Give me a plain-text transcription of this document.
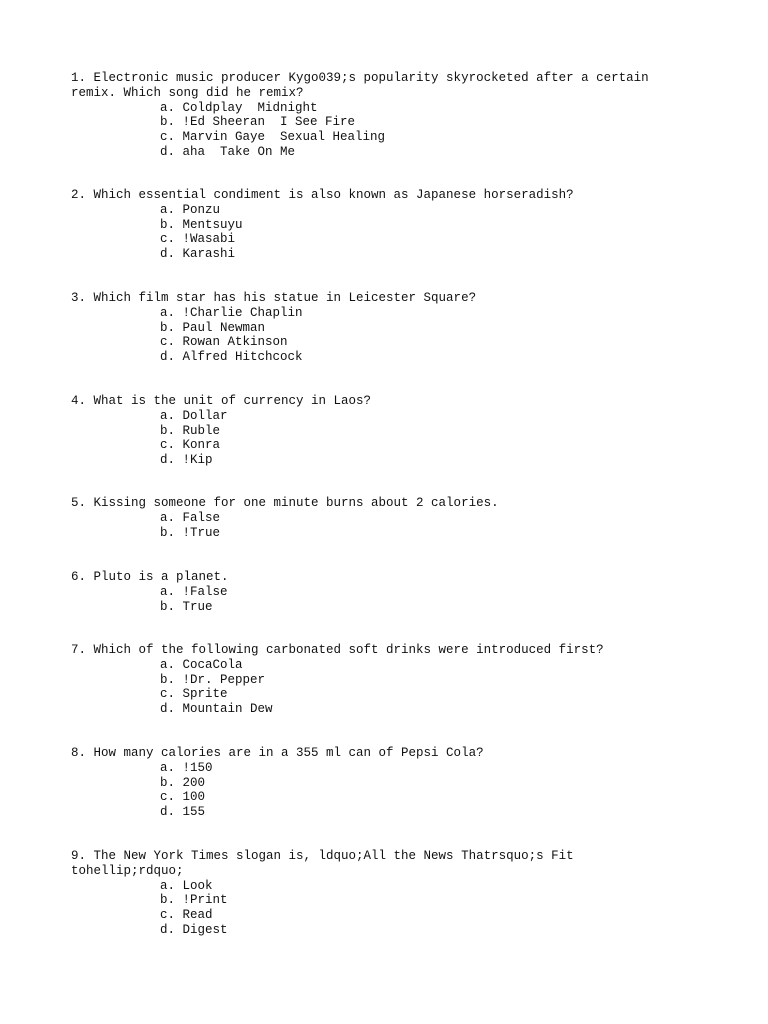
1. Electronic music producer Kygo039;s popularity skyrocketed after a certain remix. Which song did he remix?
a. Coldplay  Midnight
b. !Ed Sheeran  I See Fire
c. Marvin Gaye  Sexual Healing
d. aha  Take On Me
2. Which essential condiment is also known as Japanese horseradish?
a. Ponzu
b. Mentsuyu
c. !Wasabi
d. Karashi
3. Which film star has his statue in Leicester Square?
a. !Charlie Chaplin
b. Paul Newman
c. Rowan Atkinson
d. Alfred Hitchcock
4. What is the unit of currency in Laos?
a. Dollar
b. Ruble
c. Konra
d. !Kip
5. Kissing someone for one minute burns about 2 calories.
a. False
b. !True
6. Pluto is a planet.
a. !False
b. True
7. Which of the following carbonated soft drinks were introduced first?
a. CocaCola
b. !Dr. Pepper
c. Sprite
d. Mountain Dew
8. How many calories are in a 355 ml can of Pepsi Cola?
a. !150
b. 200
c. 100
d. 155
9. The New York Times slogan is, ldquo;All the News Thatrsquo;s Fit tohellip;rdquo;
a. Look
b. !Print
c. Read
d. Digest
